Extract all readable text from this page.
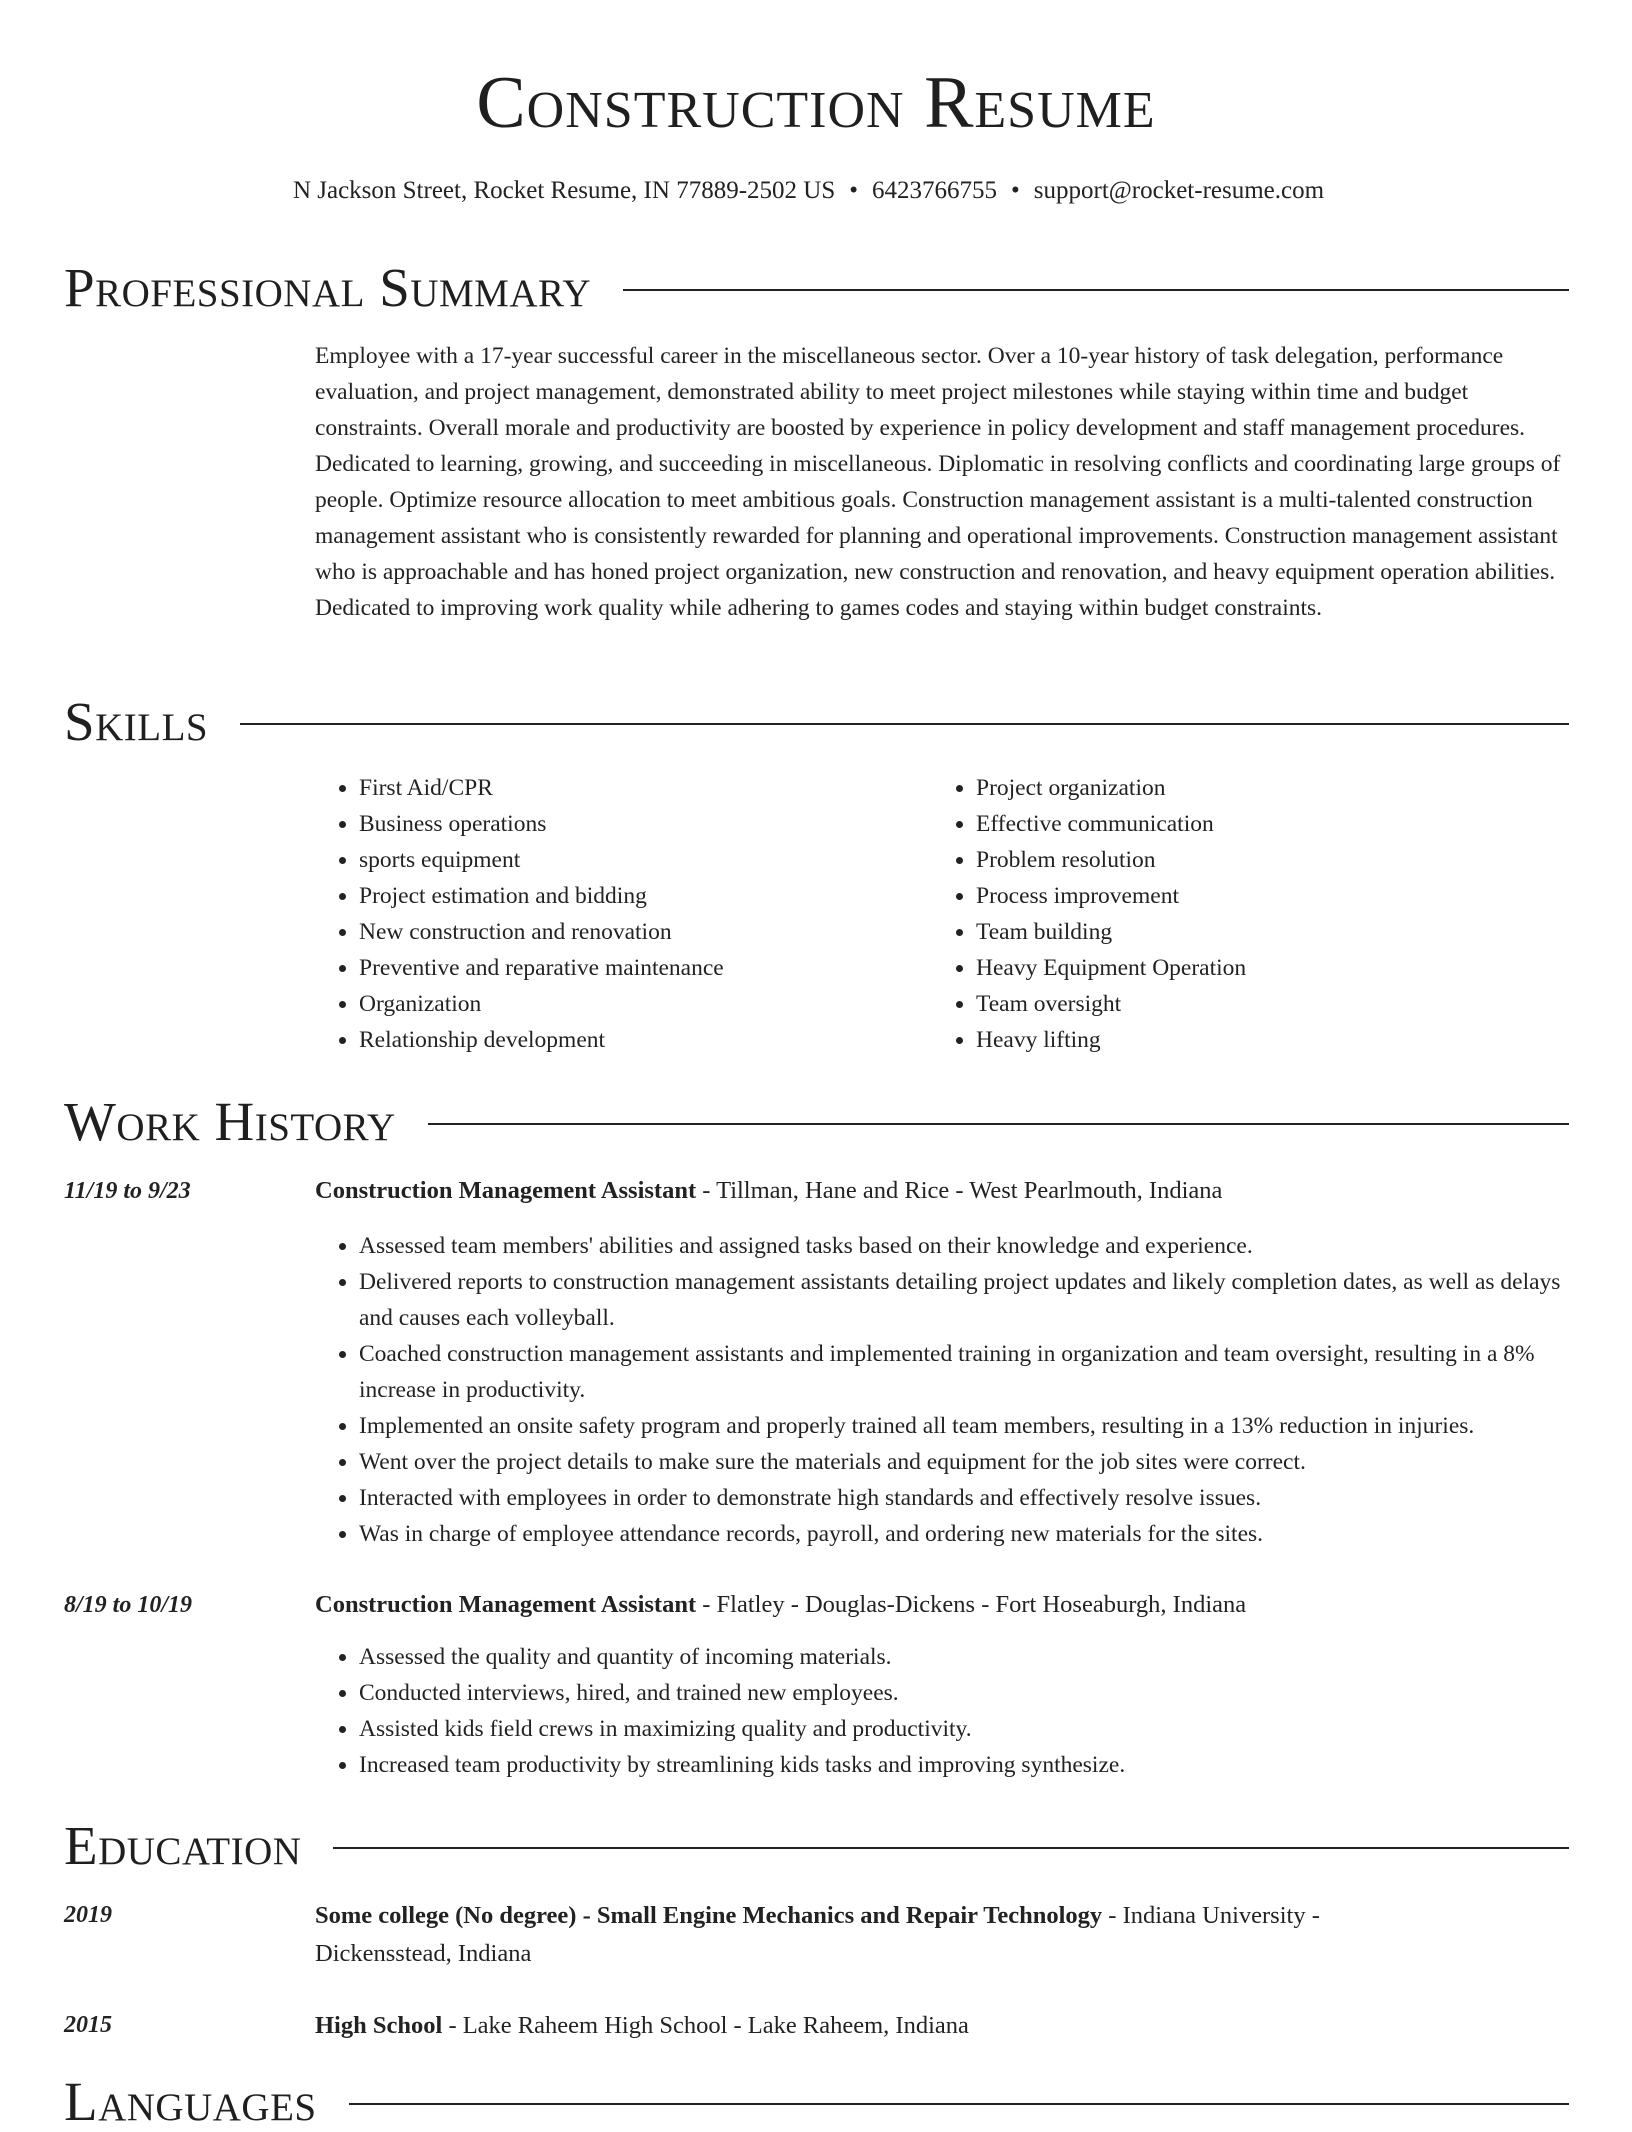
Construction Resume
N Jackson Street, Rocket Resume, IN 77889-2502 US • 6423766755 • support@rocket-resume.com
Professional Summary

Employee with a 17-year successful career in the miscellaneous sector. Over a 10-year history of task delegation, performance evaluation, and project management, demonstrated ability to meet project milestones while staying within time and budget constraints. Overall morale and productivity are boosted by experience in policy development and staff management procedures. Dedicated to learning, growing, and succeeding in miscellaneous. Diplomatic in resolving conflicts and coordinating large groups of people. Optimize resource allocation to meet ambitious goals. Construction management assistant is a multi-talented construction management assistant who is consistently rewarded for planning and operational improvements. Construction management assistant who is approachable and has honed project organization, new construction and renovation, and heavy equipment operation abilities. Dedicated to improving work quality while adhering to games codes and staying within budget constraints.

Skills
• First Aid/CPR
• Business operations
• sports equipment
• Project estimation and bidding
• New construction and renovation
• Preventive and reparative maintenance
• Organization
• Relationship development
• Project organization
• Effective communication
• Problem resolution
• Process improvement
• Team building
• Heavy Equipment Operation
• Team oversight
• Heavy lifting
Work History
11/19 to 9/23	Construction Management Assistant - Tillman, Hane and Rice - West Pearlmouth, Indiana
• Assessed team members' abilities and assigned tasks based on their knowledge and experience.
• Delivered reports to construction management assistants detailing project updates and likely completion dates, as well as delays and causes each volleyball.
• Coached construction management assistants and implemented training in organization and team oversight, resulting in a 8% increase in productivity.
• Implemented an onsite safety program and properly trained all team members, resulting in a 13% reduction in injuries.
• Went over the project details to make sure the materials and equipment for the job sites were correct.
• Interacted with employees in order to demonstrate high standards and effectively resolve issues.
• Was in charge of employee attendance records, payroll, and ordering new materials for the sites.
8/19 to 10/19	Construction Management Assistant - Flatley - Douglas-Dickens - Fort Hoseaburgh, Indiana
• Assessed the quality and quantity of incoming materials.
• Conducted interviews, hired, and trained new employees.
• Assisted kids field crews in maximizing quality and productivity.
• Increased team productivity by streamlining kids tasks and improving synthesize.
Education
2019	Some college (No degree) - Small Engine Mechanics and Repair Technology - Indiana University - Dickensstead, Indiana
2015	High School - Lake Raheem High School - Lake Raheem, Indiana
Languages
